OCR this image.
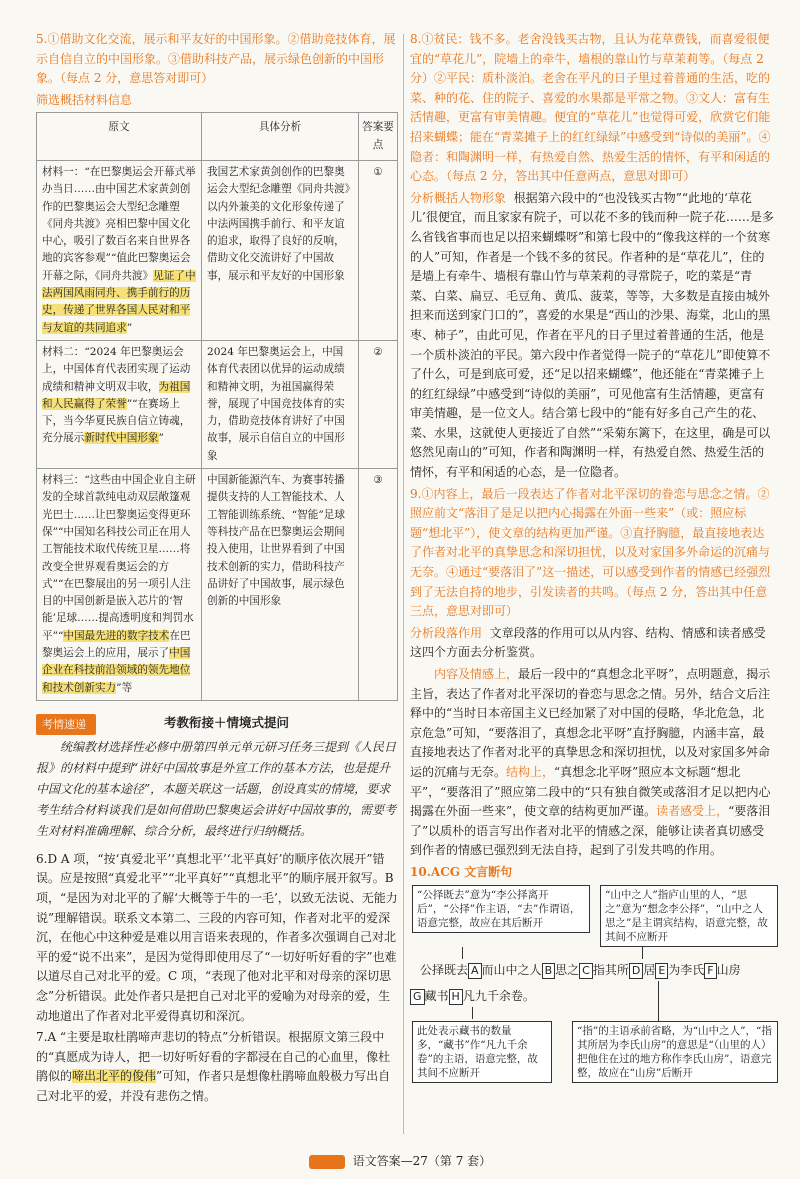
5.①借助文化交流，展示和平友好的中国形象。②借助竞技体育，展示自信自立的中国形象。③借助科技产品，展示绿色创新的中国形象。（每点 2 分，意思答对即可）

筛选概括材料信息

原文	具体分析	答案要点
材料一：“在巴黎奥运会开幕式举办当日……由中国艺术家黄剑创作的巴黎奥运会大型纪念雕塑《同舟共渡》亮相巴黎中国文化中心，吸引了数百名来自世界各地的宾客参观”“值此巴黎奥运会开幕之际，《同舟共渡》见证了中法两国风雨同舟、携手前行的历史，传递了世界各国人民对和平与友谊的共同追求”	我国艺术家黄剑创作的巴黎奥运会大型纪念雕塑《同舟共渡》以内外兼美的文化形象传递了中法两国携手前行、和平友谊的追求，取得了良好的反响，借助文化交流讲好了中国故事，展示和平友好的中国形象	①
材料二：“2024 年巴黎奥运会上，中国体育代表团实现了运动成绩和精神文明双丰收，为祖国和人民赢得了荣誉”“在赛场上下，当今华夏民族自信立铸魂，充分展示新时代中国形象”	2024 年巴黎奥运会上，中国体育代表团以优异的运动成绩和精神文明，为祖国赢得荣誉，展现了中国竞技体育的实力，借助竞技体育讲好了中国故事，展示自信自立的中国形象	②
材料三：“这些由中国企业自主研发的全球首款纯电动双层敞篷观光巴士……让巴黎奥运变得更环保”“中国知名科技公司正在用人工智能技术取代传统卫星……将改变全世界观看奥运会的方式”“在巴黎展出的另一项引人注目的中国创新是嵌入芯片的‘智能’足球……提高透明度和判罚水平”“中国最先进的数字技术在巴黎奥运会上的应用，展示了中国企业在科技前沿领域的领先地位和技术创新实力”等	中国新能源汽车、为赛事转播提供支持的人工智能技术、人工智能训练系统、“智能”足球等科技产品在巴黎奥运会期间投入使用，让世界看到了中国技术创新的实力，借助科技产品讲好了中国故事，展示绿色创新的中国形象	③
考情速递	考教衔接＋情境式提问

统编教材选择性必修中册第四单元单元研习任务三提到《人民日报》的材料中提到“讲好中国故事是外宣工作的基本方法，也是提升中国文化的基本途径”，本题关联这一话题，创设真实的情境，要求考生结合材料谈我们是如何借助巴黎奥运会讲好中国故事的，需要考生对材料准确理解、综合分析，最终进行归纳概括。

6.D A 项，“按‘真爱北平’‘真想北平’‘北平真好’的顺序依次展开”错误。应是按照“真爱北平”“北平真好”“真想北平”的顺序展开叙写。B 项，“是因为对北平的了解‘大概等于牛的一毛’，以致无法说、无能力说”理解错误。联系文本第二、三段的内容可知，作者对北平的爱深沉，在他心中这种爱是难以用言语来表现的，作者多次强调自己对北平的爱“说不出来”，是因为觉得即使用尽了“一切好听好看的字”也难以道尽自己对北平的爱。C 项，“表现了他对北平和对母亲的深切思念”分析错误。此处作者只是把自己对北平的爱喻为对母亲的爱，生动地道出了作者对北平爱得真切和深沉。

7.A “主要是取杜鹃啼声悲切的特点”分析错误。根据原文第三段中的“真愿成为诗人，把一切好听好看的字都浸在自己的心血里，像杜鹃似的啼出北平的俊伟”可知，作者只是想像杜鹃啼血般极力写出自己对北平的爱，并没有悲伤之情。

8.①贫民：钱不多。老舍没钱买古物，且认为花草费钱，而喜爱很便宜的“草花儿”，院墙上的牵牛，墙根的靠山竹与草茉莉等。（每点 2 分）②平民：质朴淡泊。老舍在平凡的日子里过着普通的生活，吃的菜、种的花、住的院子、喜爱的水果都是平常之物。③文人：富有生活情趣，更富有审美情趣。便宜的“草花儿”也觉得可爱，欣赏它们能招来蝴蝶；能在“青菜摊子上的红红绿绿”中感受到“诗似的美丽”。④隐者：和陶渊明一样，有热爱自然、热爱生活的情怀，有平和闲适的心态。（每点 2 分，答出其中任意两点，意思对即可）

分析概括人物形象 根据第六段中的“也没钱买古物”“此地的‘草花儿’很便宜，而且家家有院子，可以花不多的钱而种一院子花……是多么省钱省事而也足以招来蝴蝶呀”和第七段中的“像我这样的一个贫寒的人”可知，作者是一个钱不多的贫民。作者种的是“草花儿”，住的是墙上有牵牛、墙根有靠山竹与草茉莉的寻常院子，吃的菜是“青菜、白菜、扁豆、毛豆角、黄瓜、菠菜，等等，大多数是直接由城外担来而送到家门口的”，喜爱的水果是“西山的沙果、海棠，北山的黑枣、柿子”，由此可见，作者在平凡的日子里过着普通的生活，他是一个质朴淡泊的平民。第六段中作者觉得一院子的“草花儿”即使算不了什么，可是到底可爱，还“足以招来蝴蝶”，他还能在“青菜摊子上的红红绿绿”中感受到“诗似的美丽”，可见他富有生活情趣，更富有审美情趣，是一位文人。结合第七段中的“能有好多自己产生的花、菜、水果，这就使人更接近了自然”“采菊东篱下，在这里，确是可以悠然见南山的”可知，作者和陶渊明一样，有热爱自然、热爱生活的情怀，有平和闲适的心态，是一位隐者。

9.①内容上，最后一段表达了作者对北平深切的眷恋与思念之情。②照应前文“落泪了是足以把内心揭露在外面一些来”（或：照应标题“想北平”），使文章的结构更加严谨。③直抒胸臆，最直接地表达了作者对北平的真挚思念和深切担忧，以及对家国多外命运的沉痛与无奈。④通过“要落泪了”这一描述，可以感受到作者的情感已经强烈到了无法自持的地步，引发读者的共鸣。（每点 2 分，答出其中任意三点，意思对即可）

分析段落作用 文章段落的作用可以从内容、结构、情感和读者感受这四个方面去分析鉴赏。

内容及情感上，最后一段中的“真想念北平呀”，点明题意，揭示主旨，表达了作者对北平深切的眷恋与思念之情。另外，结合文后注释中的“当时日本帝国主义已经加紧了对中国的侵略，华北危急，北京危急”可知，“要落泪了，真想念北平呀”直抒胸臆，内涵丰富，最直接地表达了作者对北平的真挚思念和深切担忧，以及对家国多舛命运的沉痛与无奈。结构上，“真想念北平呀”照应本文标题“想北平”，“要落泪了”照应第二段中的“只有独自微笑或落泪才足以把内心揭露在外面一些来”，使文章的结构更加严谨。读者感受上，“要落泪了”以质朴的语言写出作者对北平的情感之深，能够让读者真切感受到作者的情感已强烈到无法自持，起到了引发共鸣的作用。

10.ACG 文言断句

“公择既去”意为“李公择离开后”，“公择”作主语，“去”作谓语，语意完整，故应在其后断开
“山中之人”指庐山里的人，“思之”意为“想念李公择”，“山中之人思之”是主谓宾结构，语意完整，故其间不应断开
公择既去 A 而山中之人 B 思之 C 指其所 D 居 E 为李氏 F 山房
G 藏书 H 凡九千余卷。
此处表示藏书的数量多，“藏书”作“凡九千余卷”的主语，语意完整，故其间不应断开
“指”的主语承前省略，为“山中之人”，“指其所居为李氏山房”的意思是“（山里的人）把他住在过的地方称作李氏山房”，语意完整，故应在“山房”后断开
语文答案—27（第 7 套）
